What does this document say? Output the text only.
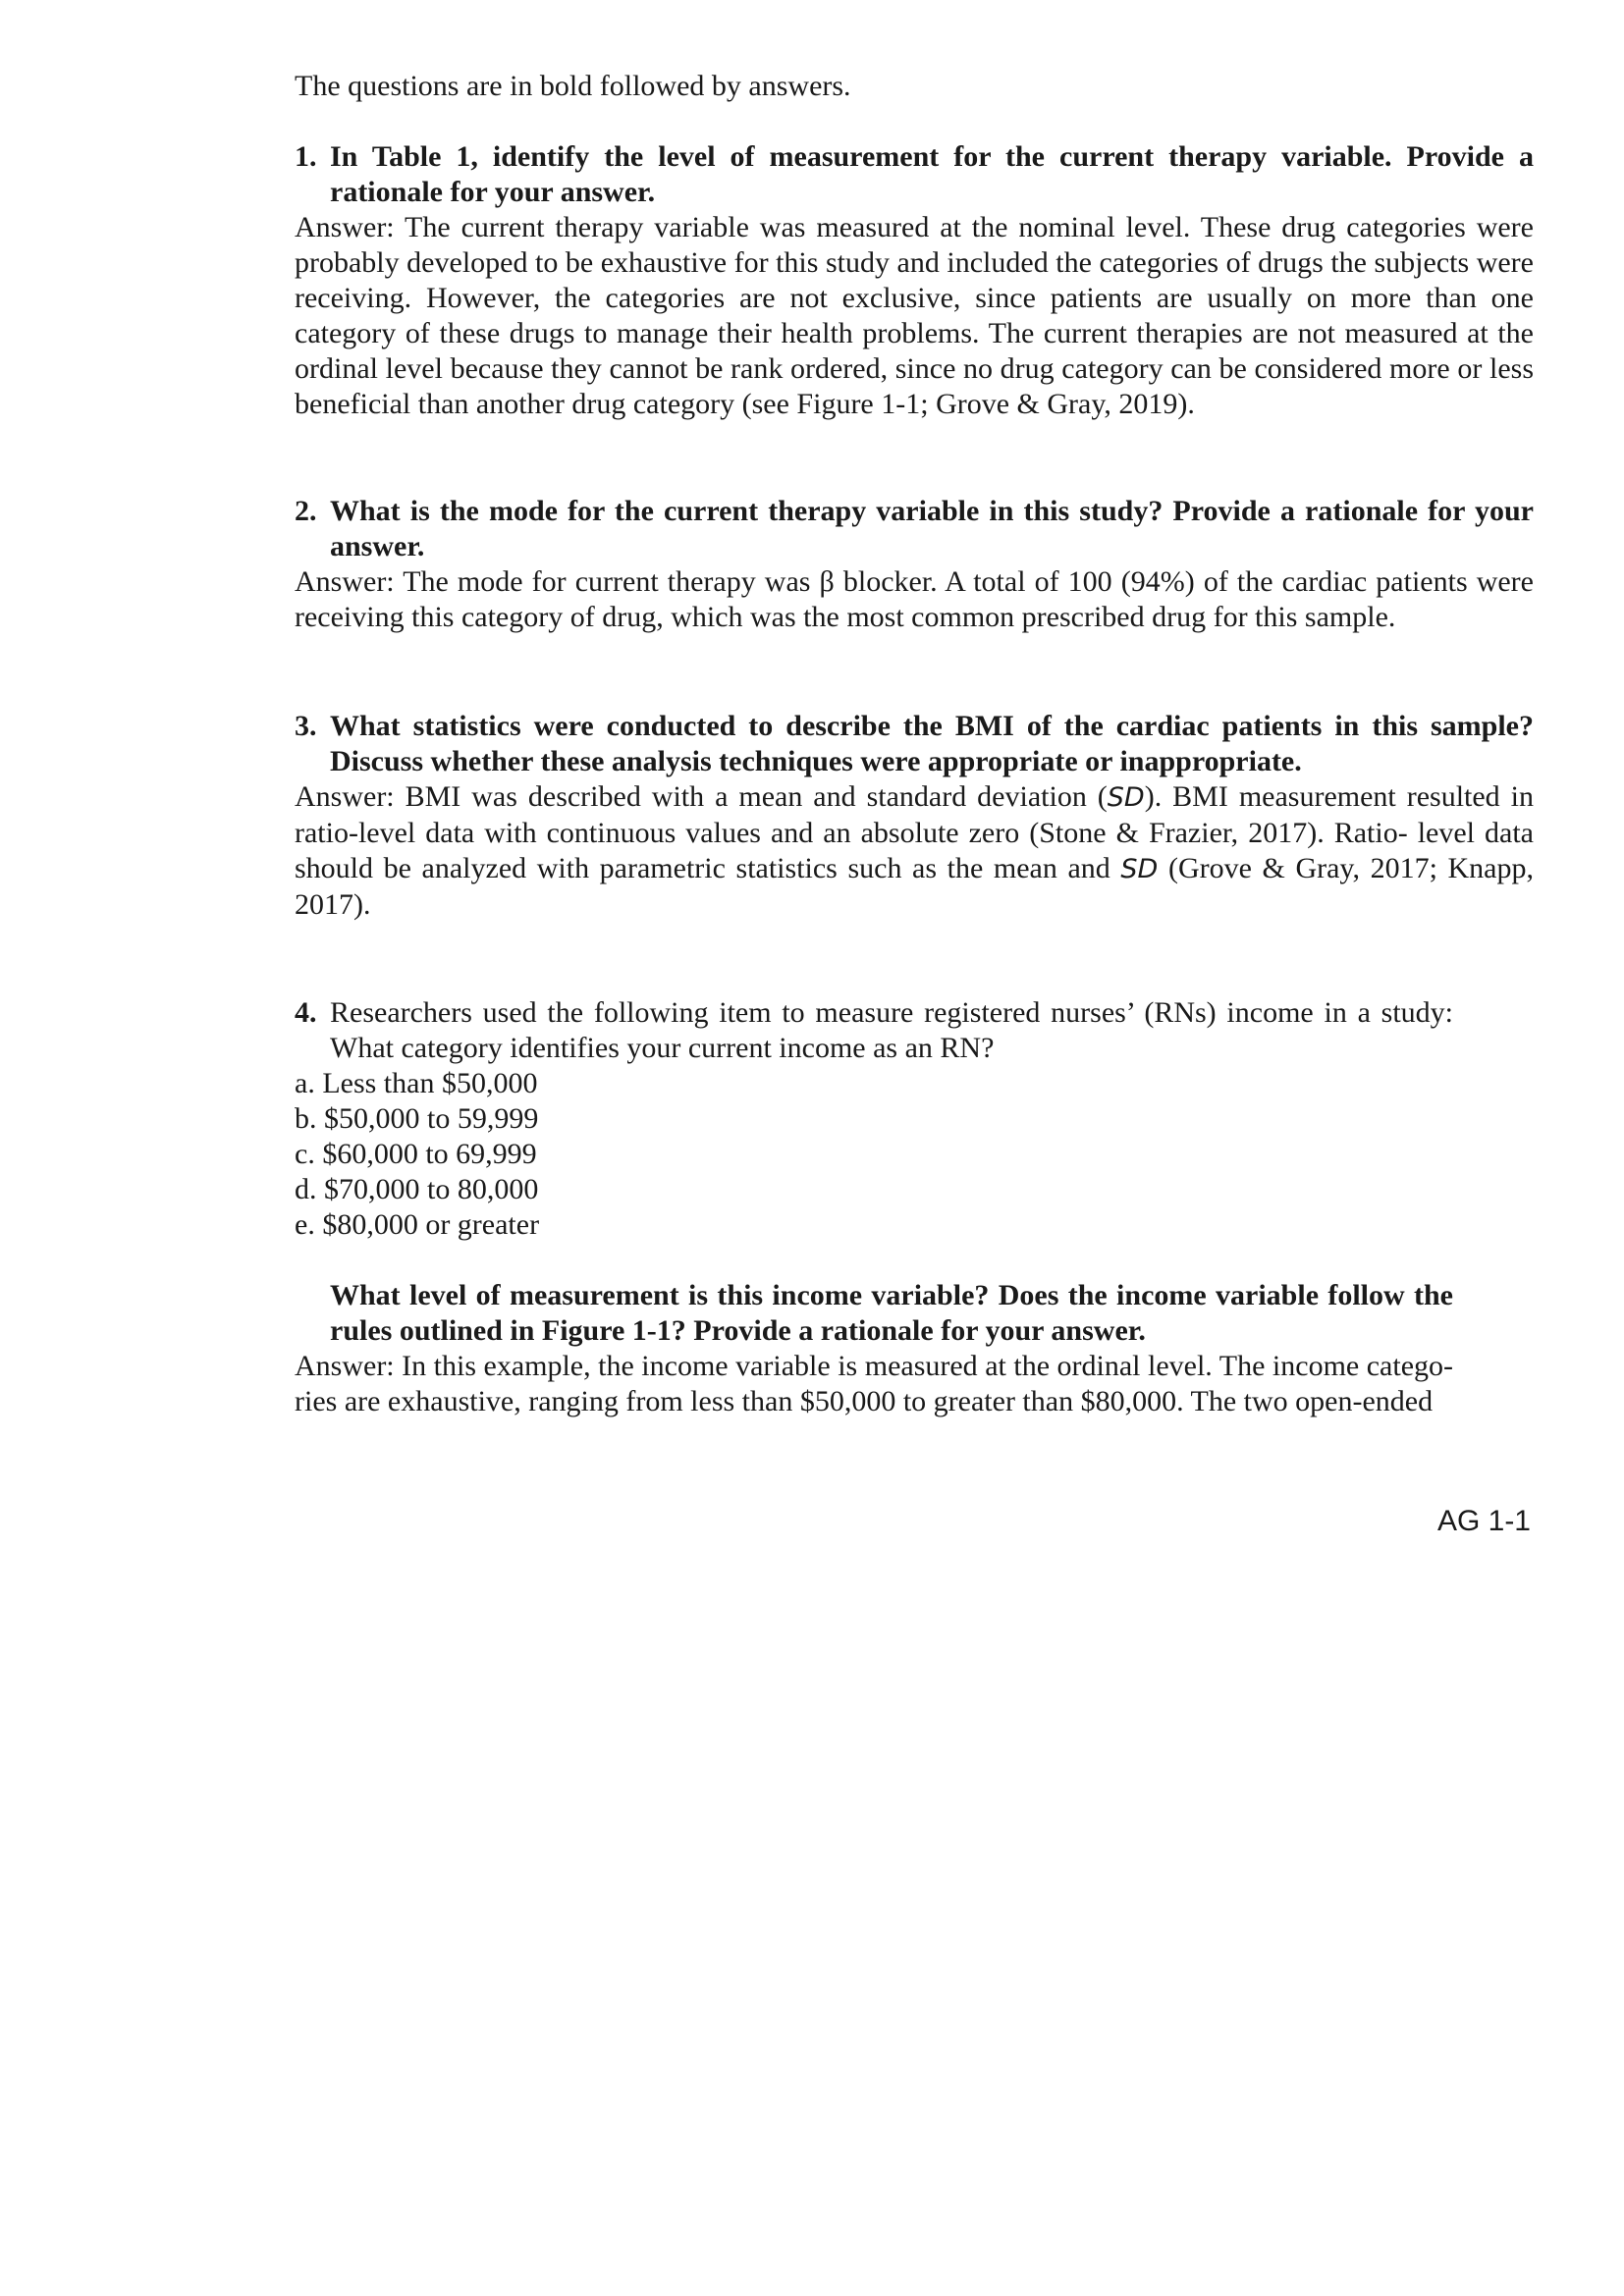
The questions are in bold followed by answers.

1. In Table 1, identify the level of measurement for the current therapy variable. Provide a rationale for your answer.

Answer: The current therapy variable was measured at the nominal level. These drug categories were probably developed to be exhaustive for this study and included the categories of drugs the subjects were receiving. However, the categories are not exclusive, since patients are usually on more than one category of these drugs to manage their health problems. The current therapies are not measured at the ordinal level because they cannot be rank ordered, since no drug category can be considered more or less beneficial than another drug category (see Figure 1-1; Grove & Gray, 2019).

2. What is the mode for the current therapy variable in this study? Provide a rationale for your answer.

Answer: The mode for current therapy was β blocker. A total of 100 (94%) of the cardiac patients were receiving this category of drug, which was the most common prescribed drug for this sample.

3. What statistics were conducted to describe the BMI of the cardiac patients in this sample? Discuss whether these analysis techniques were appropriate or inappropriate.

Answer: BMI was described with a mean and standard deviation (SD). BMI measurement resulted in ratio-level data with continuous values and an absolute zero (Stone & Frazier, 2017). Ratio- level data should be analyzed with parametric statistics such as the mean and SD (Grove & Gray, 2017; Knapp, 2017).

4. Researchers used the following item to measure registered nurses’ (RNs) income in a study: What category identifies your current income as an RN?
a. Less than $50,000
b. $50,000 to 59,999
c. $60,000 to 69,999
d. $70,000 to 80,000
e. $80,000 or greater
What level of measurement is this income variable? Does the income variable follow the rules outlined in Figure 1-1? Provide a rationale for your answer.

Answer: In this example, the income variable is measured at the ordinal level. The income catego- ries are exhaustive, ranging from less than $50,000 to greater than $80,000. The two open-ended

AG 1-1
